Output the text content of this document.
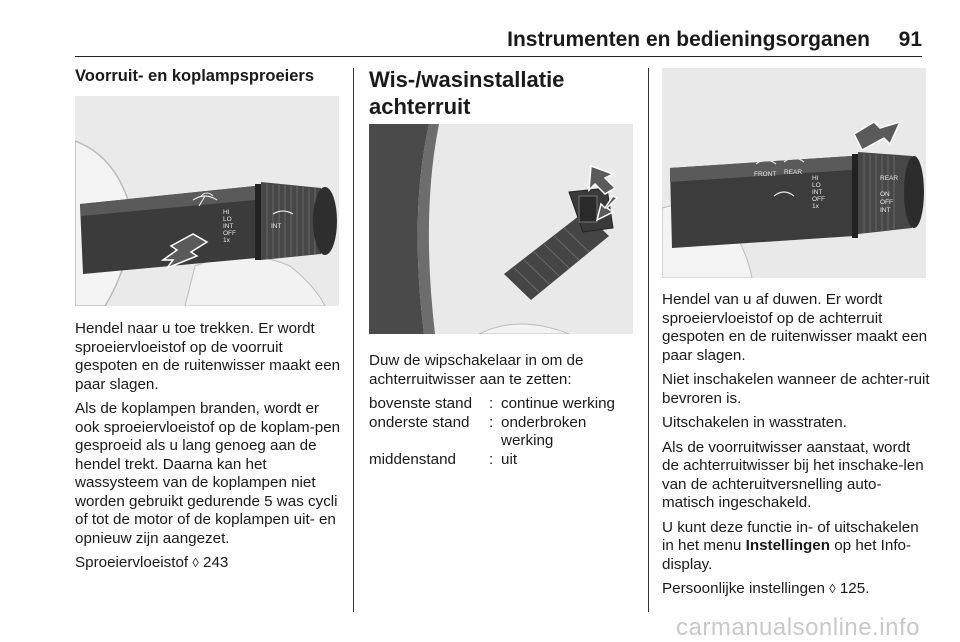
Instrumenten en bedieningsorganen 91
Voorruit- en koplampsproeiers
HI
LO
INT
OFF
1x
INT

Hendel naar u toe trekken. Er wordt sproeiervloeistof op de voorruit gespoten en de ruitenwisser maakt een paar slagen.

Als de koplampen branden, wordt er ook sproeiervloeistof op de koplam-pen gesproeid als u lang genoeg aan de hendel trekt. Daarna kan het wassysteem van de koplampen niet worden gebruikt gedurende 5 was cycli of tot de motor of de koplampen uit- en opnieuw zijn aangezet.

Sproeiervloeistof ◊ 243

Wis-/wasinstallatie
achterruit

Duw de wipschakelaar in om de achterruitwisser aan te zetten:

bovenste stand	:	continue werking
onderste stand	:	onderbroken werking
middenstand	:	uit
FRONT REAR
HI
LO
INT
OFF
1x
REAR
ON
OFF
INT

Hendel van u af duwen. Er wordt sproeiervloeistof op de achterruit gespoten en de ruitenwisser maakt een paar slagen.

Niet inschakelen wanneer de achter-ruit bevroren is.

Uitschakelen in wasstraten.

Als de voorruitwisser aanstaat, wordt de achterruitwisser bij het inschake-len van de achteruitversnelling auto-matisch ingeschakeld.

U kunt deze functie in- of uitschakelen in het menu Instellingen op het Info-display.

Persoonlijke instellingen ◊ 125.

carmanualsonline.info
